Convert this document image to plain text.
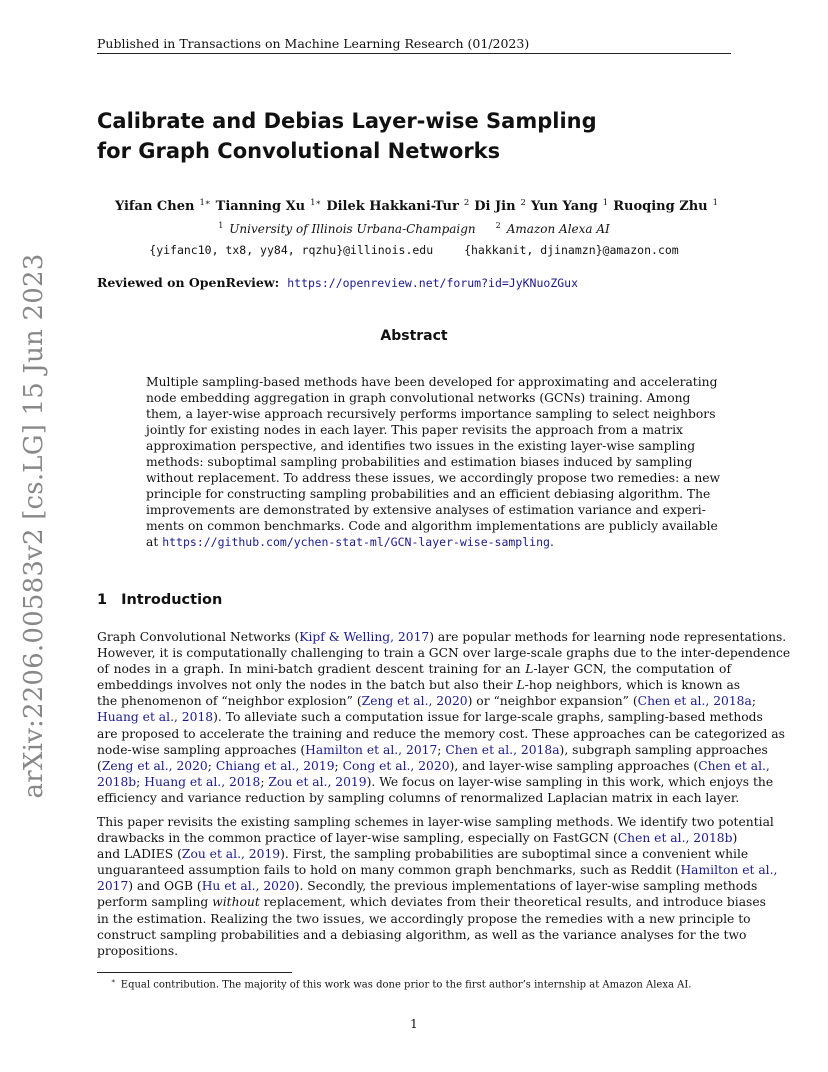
Published in Transactions on Machine Learning Research (01/2023)
arXiv:2206.00583v2 [cs.LG] 15 Jun 2023
Calibrate and Debias Layer-wise Sampling
for Graph Convolutional Networks
Yifan Chen $^{1∗}$ Tianning Xu $^{1∗}$ Dilek Hakkani-Tur $^2$ Di Jin $^2$ Yun Yang $^1$ Ruoqing Zhu $^1$
$^1$ University of Illinois Urbana-Champaign	$^2$ Amazon Alexa AI
{yifanc10, tx8, yy84, rqzhu}@illinois.edu	{hakkanit, djinamzn}@amazon.com
Reviewed on OpenReview: https://openreview.net/forum?id=JyKNuoZGux
Abstract
Multiple sampling-based methods have been developed for approximating and accelerating
node embedding aggregation in graph convolutional networks (GCNs) training. Among
them, a layer-wise approach recursively performs importance sampling to select neighbors
jointly for existing nodes in each layer. This paper revisits the approach from a matrix
approximation perspective, and identifies two issues in the existing layer-wise sampling
methods: suboptimal sampling probabilities and estimation biases induced by sampling
without replacement. To address these issues, we accordingly propose two remedies: a new
principle for constructing sampling probabilities and an efficient debiasing algorithm. The
improvements are demonstrated by extensive analyses of estimation variance and experi-
ments on common benchmarks. Code and algorithm implementations are publicly available
at https://github.com/ychen-stat-ml/GCN-layer-wise-sampling.
1 Introduction
Graph Convolutional Networks (Kipf & Welling, 2017) are popular methods for learning node representations.
However, it is computationally challenging to train a GCN over large-scale graphs due to the inter-dependence
of nodes in a graph. In mini-batch gradient descent training for an L-layer GCN, the computation of
embeddings involves not only the nodes in the batch but also their L-hop neighbors, which is known as
the phenomenon of “neighbor explosion” (Zeng et al., 2020) or “neighbor expansion” (Chen et al., 2018a;
Huang et al., 2018). To alleviate such a computation issue for large-scale graphs, sampling-based methods
are proposed to accelerate the training and reduce the memory cost. These approaches can be categorized as
node-wise sampling approaches (Hamilton et al., 2017; Chen et al., 2018a), subgraph sampling approaches
(Zeng et al., 2020; Chiang et al., 2019; Cong et al., 2020), and layer-wise sampling approaches (Chen et al.,
2018b; Huang et al., 2018; Zou et al., 2019). We focus on layer-wise sampling in this work, which enjoys the
efficiency and variance reduction by sampling columns of renormalized Laplacian matrix in each layer.
This paper revisits the existing sampling schemes in layer-wise sampling methods. We identify two potential
drawbacks in the common practice of layer-wise sampling, especially on FastGCN (Chen et al., 2018b)
and LADIES (Zou et al., 2019). First, the sampling probabilities are suboptimal since a convenient while
unguaranteed assumption fails to hold on many common graph benchmarks, such as Reddit (Hamilton et al.,
2017) and OGB (Hu et al., 2020). Secondly, the previous implementations of layer-wise sampling methods
perform sampling without replacement, which deviates from their theoretical results, and introduce biases
in the estimation. Realizing the two issues, we accordingly propose the remedies with a new principle to
construct sampling probabilities and a debiasing algorithm, as well as the variance analyses for the two
propositions.
∗ Equal contribution. The majority of this work was done prior to the first author’s internship at Amazon Alexa AI.
1
